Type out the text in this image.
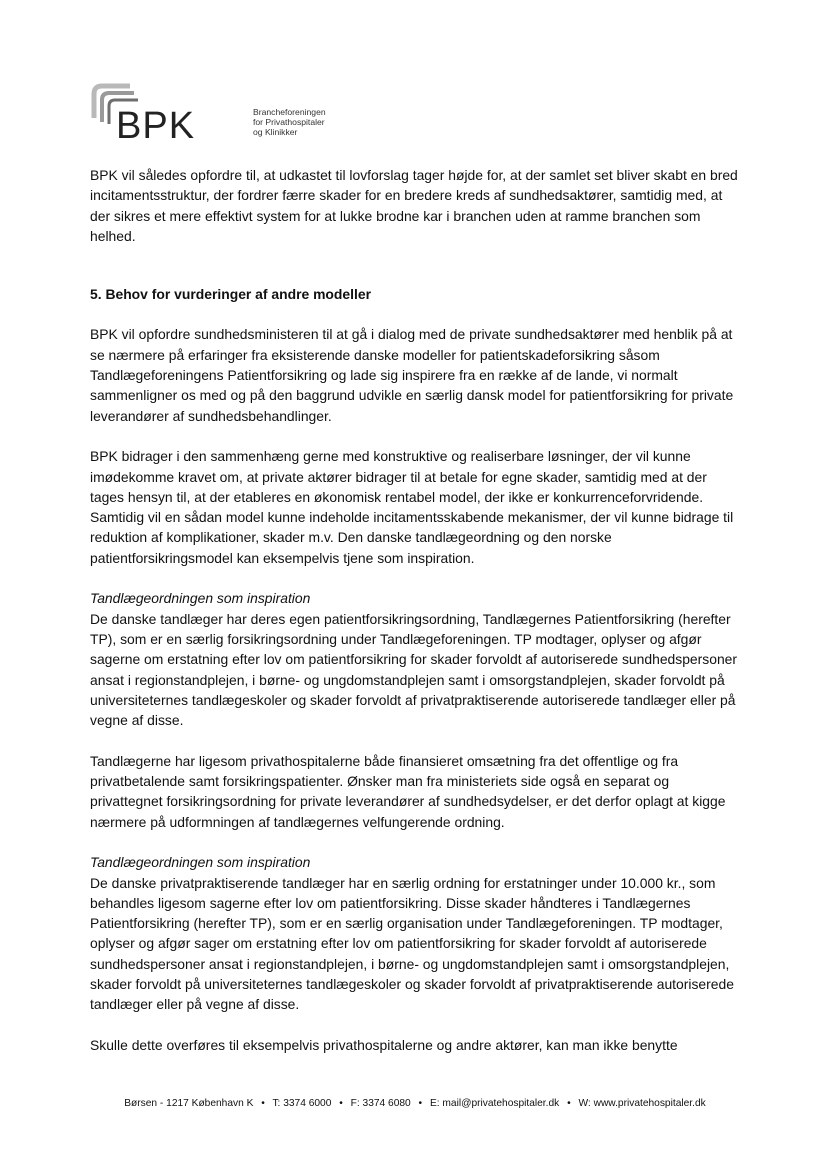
BPK	Brancheforeningen
for Privathospitaler
og Klinikker

BPK vil således opfordre til, at udkastet til lovforslag tager højde for, at der samlet set bliver skabt en bred incitamentsstruktur, der fordrer færre skader for en bredere kreds af sundhedsaktører, samtidig med, at der sikres et mere effektivt system for at lukke brodne kar i branchen uden at ramme branchen som helhed.

5. Behov for vurderinger af andre modeller

BPK vil opfordre sundhedsministeren til at gå i dialog med de private sundhedsaktører med henblik på at se nærmere på erfaringer fra eksisterende danske modeller for patientskadeforsikring såsom Tandlægeforeningens Patientforsikring og lade sig inspirere fra en række af de lande, vi normalt sammenligner os med og på den baggrund udvikle en særlig dansk model for patientforsikring for private leverandører af sundhedsbehandlinger.

BPK bidrager i den sammenhæng gerne med konstruktive og realiserbare løsninger, der vil kunne imødekomme kravet om, at private aktører bidrager til at betale for egne skader, samtidig med at der tages hensyn til, at der etableres en økonomisk rentabel model, der ikke er konkurrenceforvridende. Samtidig vil en sådan model kunne indeholde incitamentsskabende mekanismer, der vil kunne bidrage til reduktion af komplikationer, skader m.v. Den danske tandlægeordning og den norske patientforsikringsmodel kan eksempelvis tjene som inspiration.

Tandlægeordningen som inspiration

De danske tandlæger har deres egen patientforsikringsordning, Tandlægernes Patientforsikring (herefter TP), som er en særlig forsikringsordning under Tandlægeforeningen. TP modtager, oplyser og afgør sagerne om erstatning efter lov om patientforsikring for skader forvoldt af autoriserede sundhedspersoner ansat i regionstandplejen, i børne- og ungdomstandplejen samt i omsorgstandplejen, skader forvoldt på universiteternes tandlægeskoler og skader forvoldt af privatpraktiserende autoriserede tandlæger eller på vegne af disse.

Tandlægerne har ligesom privathospitalerne både finansieret omsætning fra det offentlige og fra privatbetalende samt forsikringspatienter. Ønsker man fra ministeriets side også en separat og privattegnet forsikringsordning for private leverandører af sundhedsydelser, er det derfor oplagt at kigge nærmere på udformningen af tandlægernes velfungerende ordning.

Tandlægeordningen som inspiration

De danske privatpraktiserende tandlæger har en særlig ordning for erstatninger under 10.000 kr., som behandles ligesom sagerne efter lov om patientforsikring. Disse skader håndteres i Tandlægernes Patientforsikring (herefter TP), som er en særlig organisation under Tandlægeforeningen. TP modtager, oplyser og afgør sager om erstatning efter lov om patientforsikring for skader forvoldt af autoriserede sundhedspersoner ansat i regionstandplejen, i børne- og ungdomstandplejen samt i omsorgstandplejen, skader forvoldt på universiteternes tandlægeskoler og skader forvoldt af privatpraktiserende autoriserede tandlæger eller på vegne af disse.

Skulle dette overføres til eksempelvis privathospitalerne og andre aktører, kan man ikke benytte

Børsen - 1217 København K • T: 3374 6000 • F: 3374 6080 • E: mail@privatehospitaler.dk • W: www.privatehospitaler.dk
